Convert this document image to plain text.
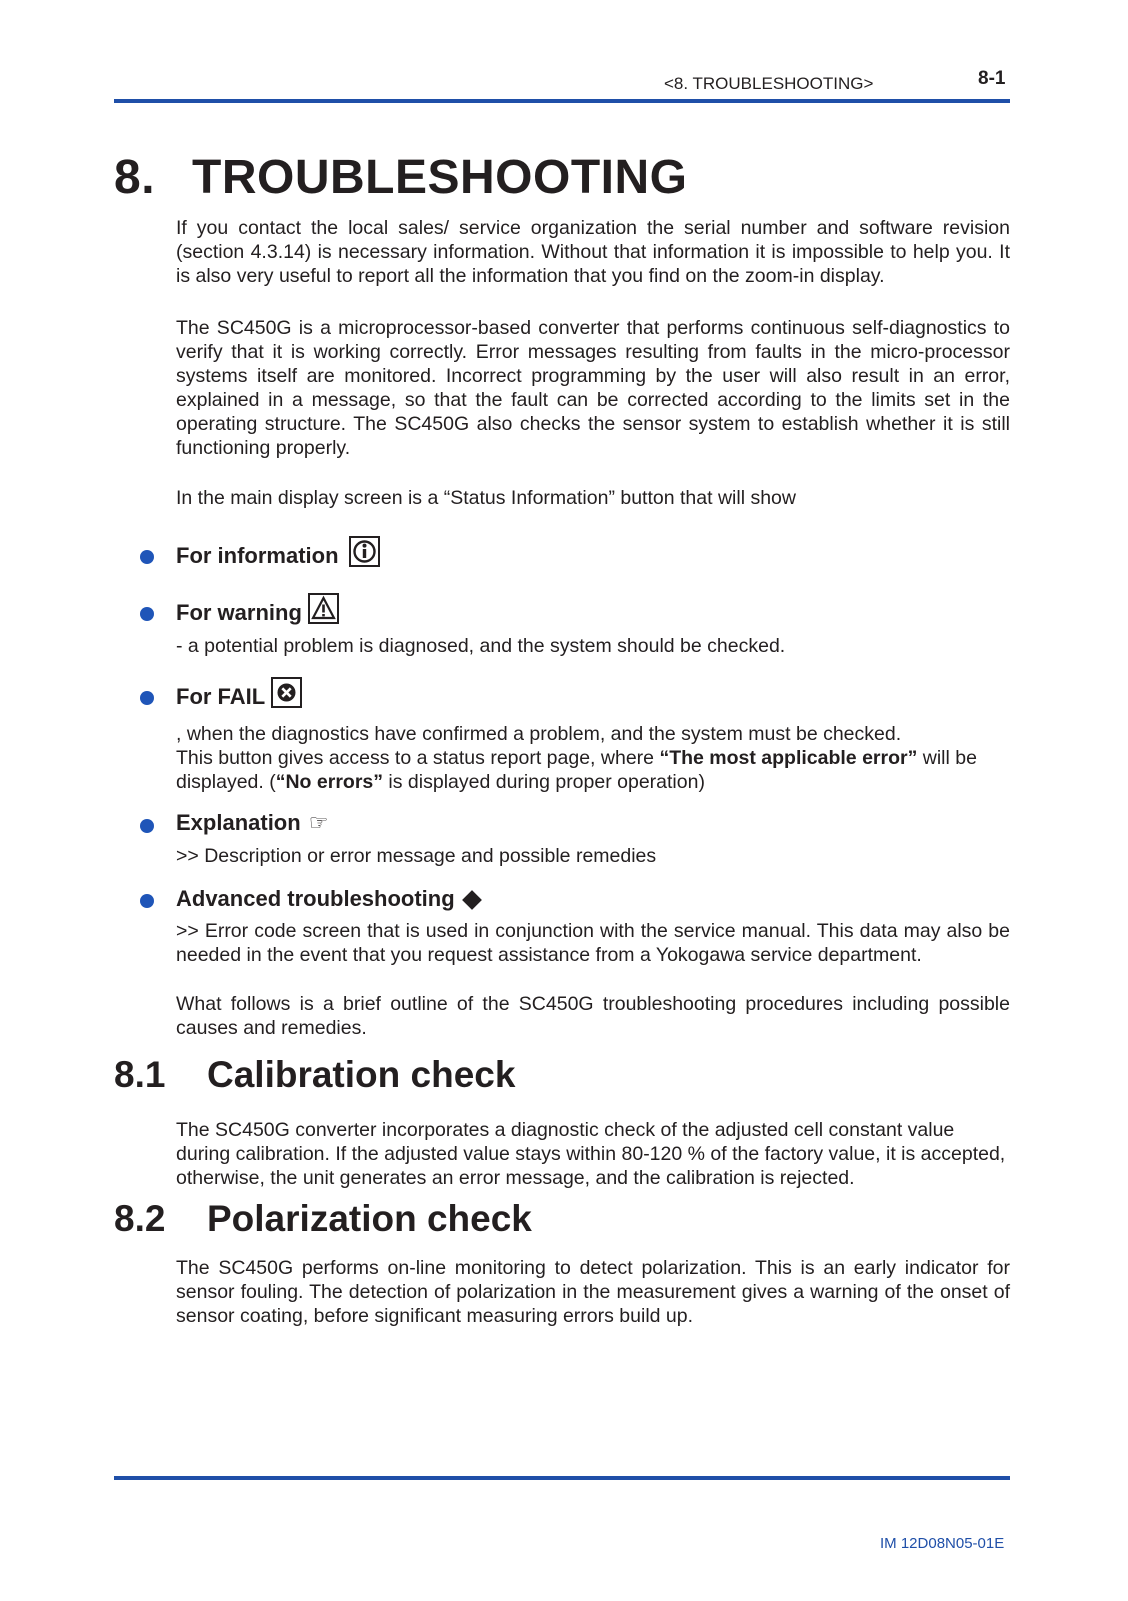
<8. TROUBLESHOOTING>	8-1
8. TROUBLESHOOTING
If you contact the local sales/ service organization the serial number and software revision (section 4.3.14) is necessary information. Without that information it is impossible to help you. It is also very useful to report all the information that you find on the zoom-in display.
The SC450G is a microprocessor-based converter that performs continuous self-diagnostics to verify that it is working correctly. Error messages resulting from faults in the micro-processor systems itself are monitored. Incorrect programming by the user will also result in an error, explained in a message, so that the fault can be corrected according to the limits set in the operating structure. The SC450G also checks the sensor system to establish whether it is still functioning properly.
In the main display screen is a “Status Information” button that will show
For information
For warning
- a potential problem is diagnosed, and the system should be checked.
For FAIL
, when the diagnostics have confirmed a problem, and the system must be checked.
This button gives access to a status report page, where “The most applicable error” will be displayed. (“No errors” is displayed during proper operation)
Explanation ☞
>> Description or error message and possible remedies
Advanced troubleshooting
>> Error code screen that is used in conjunction with the service manual. This data may also be needed in the event that you request assistance from a Yokogawa service department.
What follows is a brief outline of the SC450G troubleshooting procedures including possible causes and remedies.
8.1 Calibration check
The SC450G converter incorporates a diagnostic check of the adjusted cell constant value during calibration. If the adjusted value stays within 80-120 % of the factory value, it is accepted, otherwise, the unit generates an error message, and the calibration is rejected.
8.2 Polarization check
The SC450G performs on-line monitoring to detect polarization. This is an early indicator for sensor fouling. The detection of polarization in the measurement gives a warning of the onset of sensor coating, before significant measuring errors build up.
IM 12D08N05-01E
